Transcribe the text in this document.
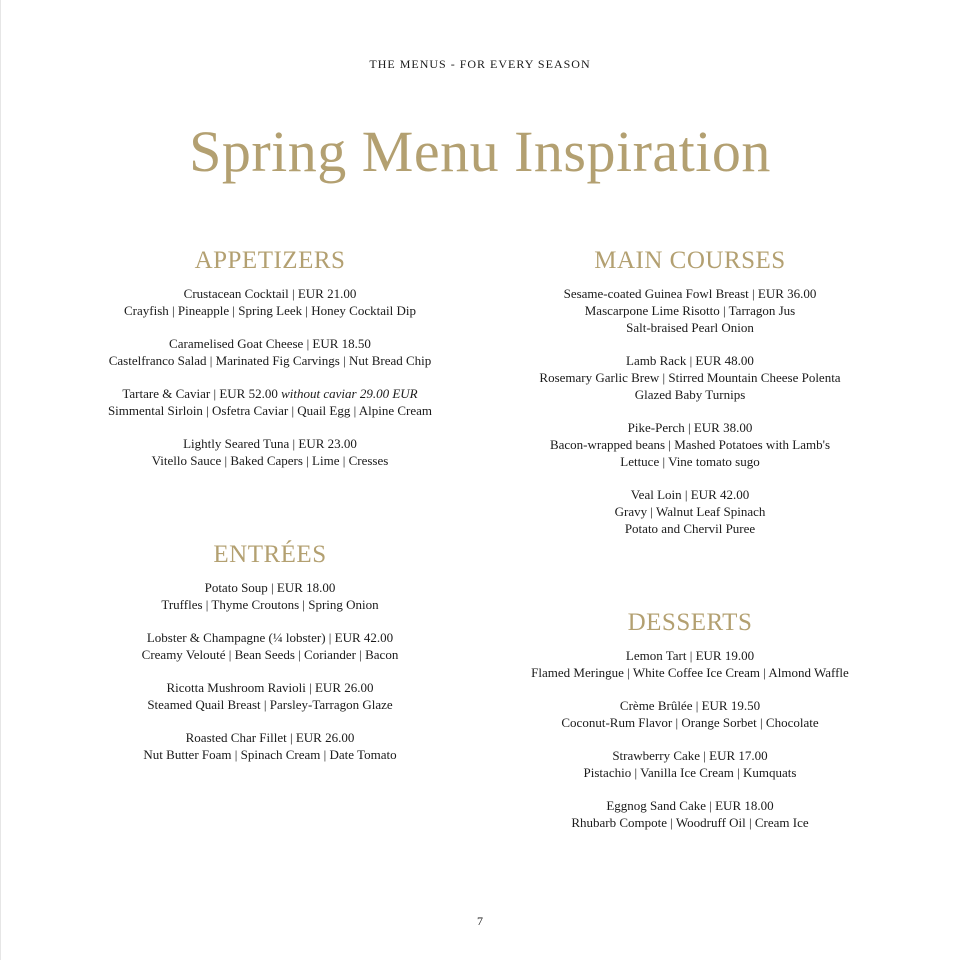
THE MENUS - FOR EVERY SEASON
Spring Menu Inspiration
APPETIZERS
Crustacean Cocktail | EUR 21.00
Crayfish | Pineapple | Spring Leek | Honey Cocktail Dip
Caramelised Goat Cheese | EUR 18.50
Castelfranco Salad | Marinated Fig Carvings | Nut Bread Chip
Tartare & Caviar | EUR 52.00 without caviar 29.00 EUR
Simmental Sirloin | Osfetra Caviar | Quail Egg | Alpine Cream
Lightly Seared Tuna | EUR 23.00
Vitello Sauce | Baked Capers | Lime | Cresses
ENTRÉES
Potato Soup | EUR 18.00
Truffles | Thyme Croutons | Spring Onion
Lobster & Champagne (¼ lobster) | EUR 42.00
Creamy Velouté | Bean Seeds | Coriander | Bacon
Ricotta Mushroom Ravioli | EUR 26.00
Steamed Quail Breast | Parsley-Tarragon Glaze
Roasted Char Fillet | EUR 26.00
Nut Butter Foam | Spinach Cream | Date Tomato
MAIN COURSES
Sesame-coated Guinea Fowl Breast | EUR 36.00
Mascarpone Lime Risotto | Tarragon Jus
Salt-braised Pearl Onion
Lamb Rack | EUR 48.00
Rosemary Garlic Brew | Stirred Mountain Cheese Polenta
Glazed Baby Turnips
Pike-Perch | EUR 38.00
Bacon-wrapped beans | Mashed Potatoes with Lamb's
Lettuce | Vine tomato sugo
Veal Loin | EUR 42.00
Gravy | Walnut Leaf Spinach
Potato and Chervil Puree
DESSERTS
Lemon Tart | EUR 19.00
Flamed Meringue | White Coffee Ice Cream | Almond Waffle
Crème Brûlée | EUR 19.50
Coconut-Rum Flavor | Orange Sorbet | Chocolate
Strawberry Cake | EUR 17.00
Pistachio | Vanilla Ice Cream | Kumquats
Eggnog Sand Cake | EUR 18.00
Rhubarb Compote | Woodruff Oil | Cream Ice
7
